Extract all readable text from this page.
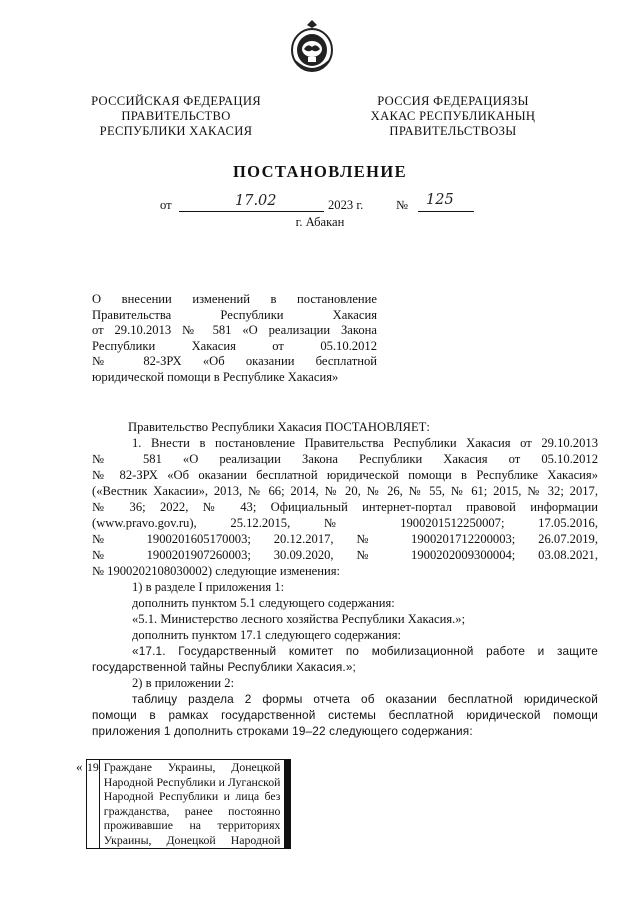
РОССИЙСКАЯ ФЕДЕРАЦИЯ
ПРАВИТЕЛЬСТВО
РЕСПУБЛИКИ ХАКАСИЯ
РОССИЯ ФЕДЕРАЦИЯЗЫ
ХАКАС РЕСПУБЛИКАНЫҢ
ПРАВИТЕЛЬСТВОЗЫ
ПОСТАНОВЛЕНИЕ
от	17.02	2023 г.	№ 125
г. Абакан
О внесении изменений в постановление
Правительства Республики Хакасия
от 29.10.2013 № 581 «О реализации Закона
Республики Хакасия от 05.10.2012
№ 82-ЗРХ «Об оказании бесплатной
юридической помощи в Республике Хакасия»
Правительство Республики Хакасия ПОСТАНОВЛЯЕТ:
1. Внести в постановление Правительства Республики Хакасия от 29.10.2013
№ 581 «О реализации Закона Республики Хакасия от 05.10.2012
№ 82-ЗРХ «Об оказании бесплатной юридической помощи в Республике Хакасия»
(«Вестник Хакасии», 2013, № 66; 2014, № 20, № 26, № 55, № 61; 2015, № 32; 2017,
№ 36; 2022, № 43; Официальный интернет-портал правовой информации
(www.pravo.gov.ru), 25.12.2015, № 1900201512250007; 17.05.2016,
№ 1900201605170003; 20.12.2017, № 1900201712200003; 26.07.2019,
№ 1900201907260003; 30.09.2020, № 1900202009300004; 03.08.2021,
№ 1900202108030002) следующие изменения:
1) в разделе I приложения 1:
дополнить пунктом 5.1 следующего содержания:
«5.1. Министерство лесного хозяйства Республики Хакасия.»;
дополнить пунктом 17.1 следующего содержания:
«17.1. Государственный комитет по мобилизационной работе и защите
государственной тайны Республики Хакасия.»;
2) в приложении 2:
таблицу раздела 2 формы отчета об оказании бесплатной юридической
помощи в рамках государственной системы бесплатной юридической помощи
приложения 1 дополнить строками 19–22 следующего содержания:
« 19	Граждане Украины, Донецкой
Народной Республики и Луганской
Народной Республики и лица без
гражданства, ранее постоянно
проживавшие на территориях
Украины, Донецкой Народной
